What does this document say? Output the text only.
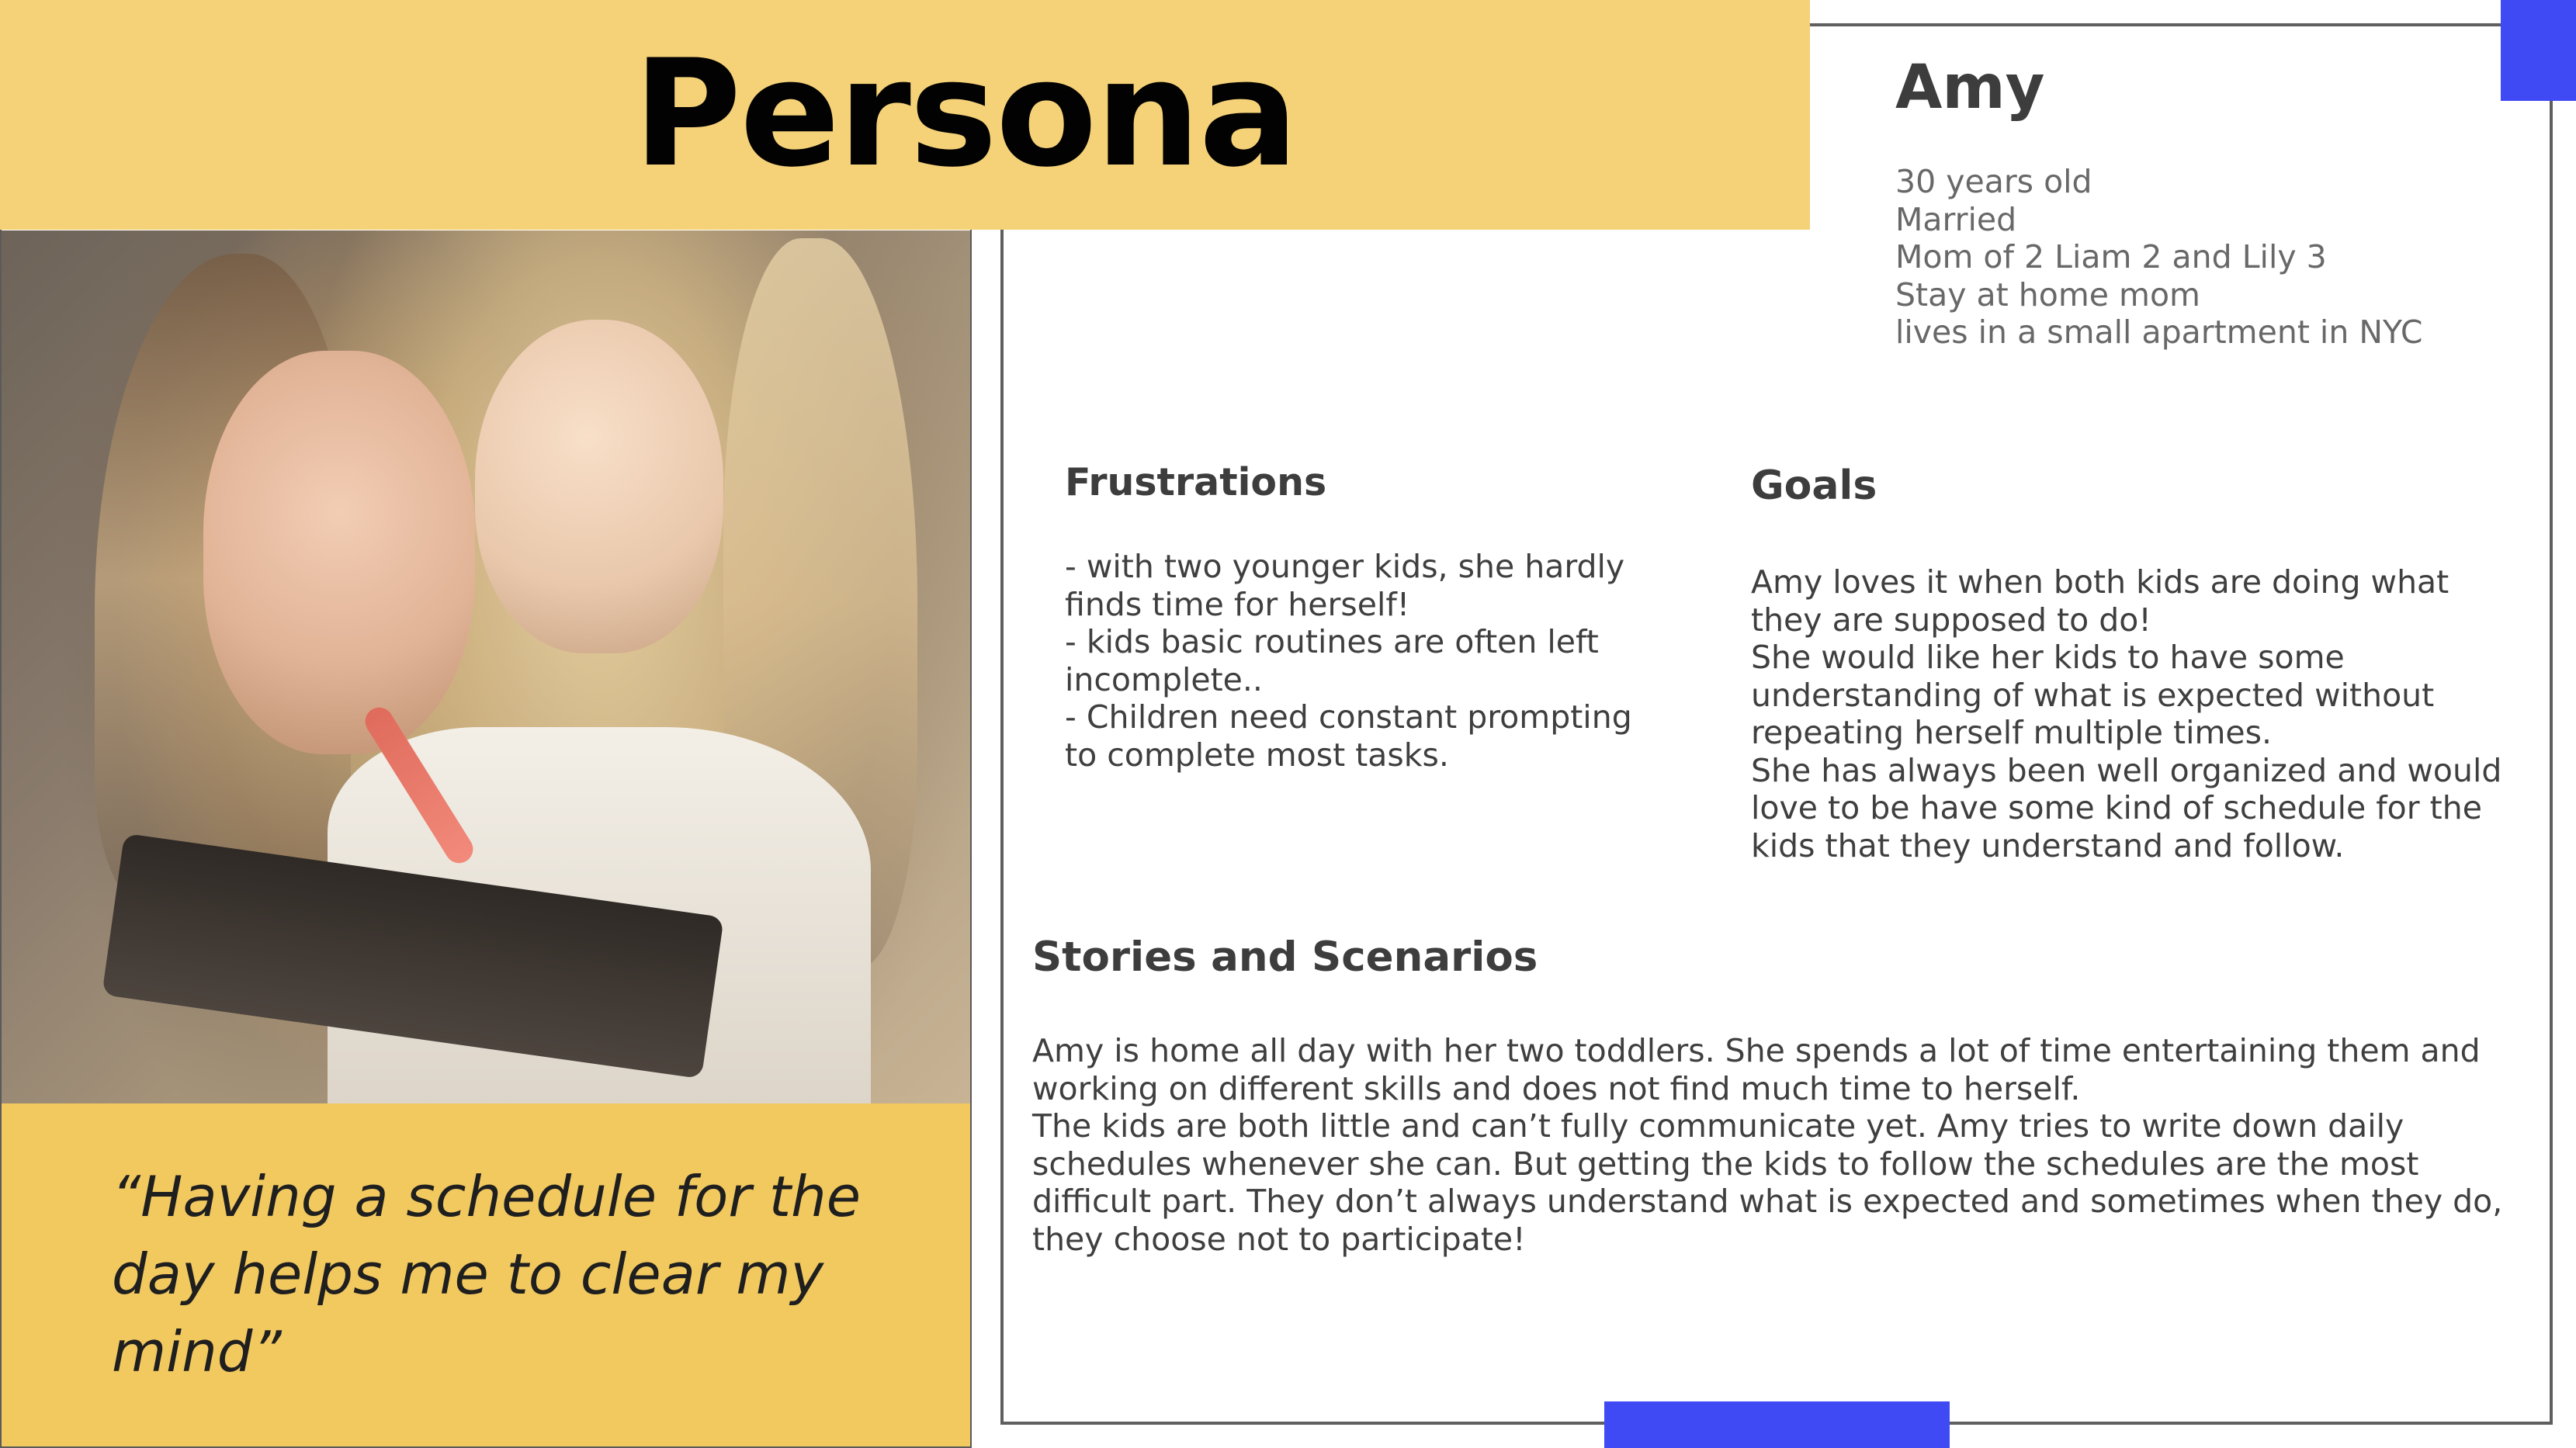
“Having a schedule for the day helps me to clear my mind”
Persona	Amy
30 years old
Married
Mom of 2 Liam 2 and Lily 3
Stay at home mom
lives in a small apartment in NYC
Frustrations
- with two younger kids, she hardly
finds time for herself!
- kids basic routines are often left
incomplete..
- Children need constant prompting
to complete most tasks.
Goals
Amy loves it when both kids are doing what
they are supposed to do!
She would like her kids to have some
understanding of what is expected without
repeating herself multiple times.
She has always been well organized and would
love to be have some kind of schedule for the
kids that they understand and follow.
Stories and Scenarios
Amy is home all day with her two toddlers. She spends a lot of time entertaining them and
working on different skills and does not find much time to herself.
The kids are both little and can’t fully communicate yet. Amy tries to write down daily
schedules whenever she can. But getting the kids to follow the schedules are the most
difficult part. They don’t always understand what is expected and sometimes when they do,
they choose not to participate!
